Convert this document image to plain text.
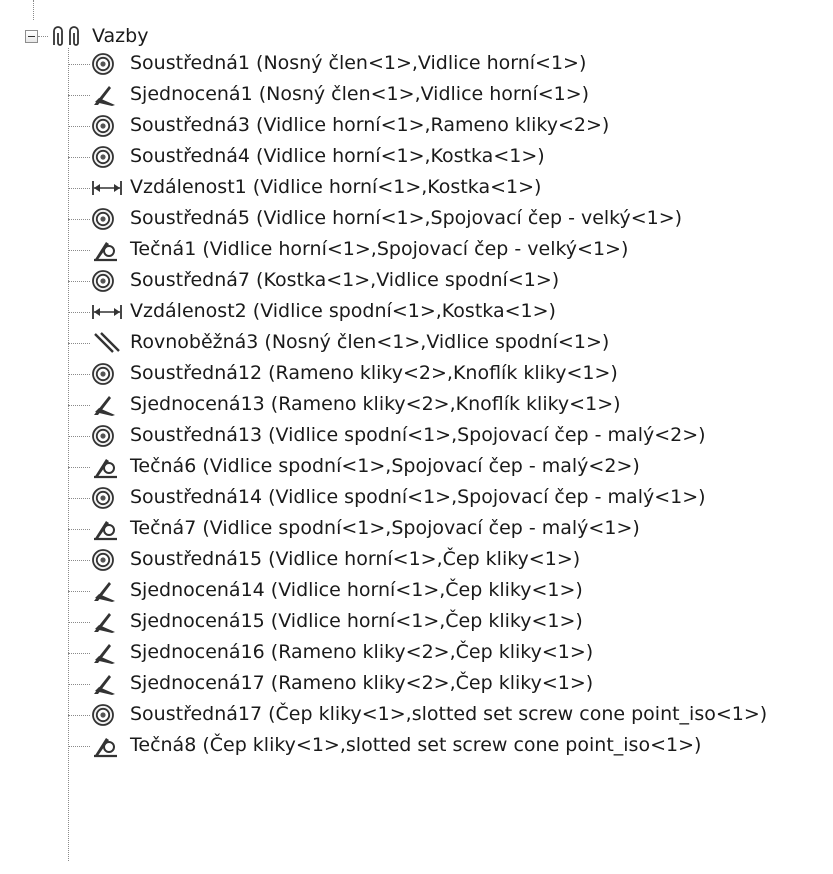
Vazby
Soustředná1 (Nosný člen<1>,Vidlice horní<1>)
Sjednocená1 (Nosný člen<1>,Vidlice horní<1>)
Soustředná3 (Vidlice horní<1>,Rameno kliky<2>)
Soustředná4 (Vidlice horní<1>,Kostka<1>)
Vzdálenost1 (Vidlice horní<1>,Kostka<1>)
Soustředná5 (Vidlice horní<1>,Spojovací čep - velký<1>)
Tečná1 (Vidlice horní<1>,Spojovací čep - velký<1>)
Soustředná7 (Kostka<1>,Vidlice spodní<1>)
Vzdálenost2 (Vidlice spodní<1>,Kostka<1>)
Rovnoběžná3 (Nosný člen<1>,Vidlice spodní<1>)
Soustředná12 (Rameno kliky<2>,Knoflík kliky<1>)
Sjednocená13 (Rameno kliky<2>,Knoflík kliky<1>)
Soustředná13 (Vidlice spodní<1>,Spojovací čep - malý<2>)
Tečná6 (Vidlice spodní<1>,Spojovací čep - malý<2>)
Soustředná14 (Vidlice spodní<1>,Spojovací čep - malý<1>)
Tečná7 (Vidlice spodní<1>,Spojovací čep - malý<1>)
Soustředná15 (Vidlice horní<1>,Čep kliky<1>)
Sjednocená14 (Vidlice horní<1>,Čep kliky<1>)
Sjednocená15 (Vidlice horní<1>,Čep kliky<1>)
Sjednocená16 (Rameno kliky<2>,Čep kliky<1>)
Sjednocená17 (Rameno kliky<2>,Čep kliky<1>)
Soustředná17 (Čep kliky<1>,slotted set screw cone point_iso<1>)
Tečná8 (Čep kliky<1>,slotted set screw cone point_iso<1>)
